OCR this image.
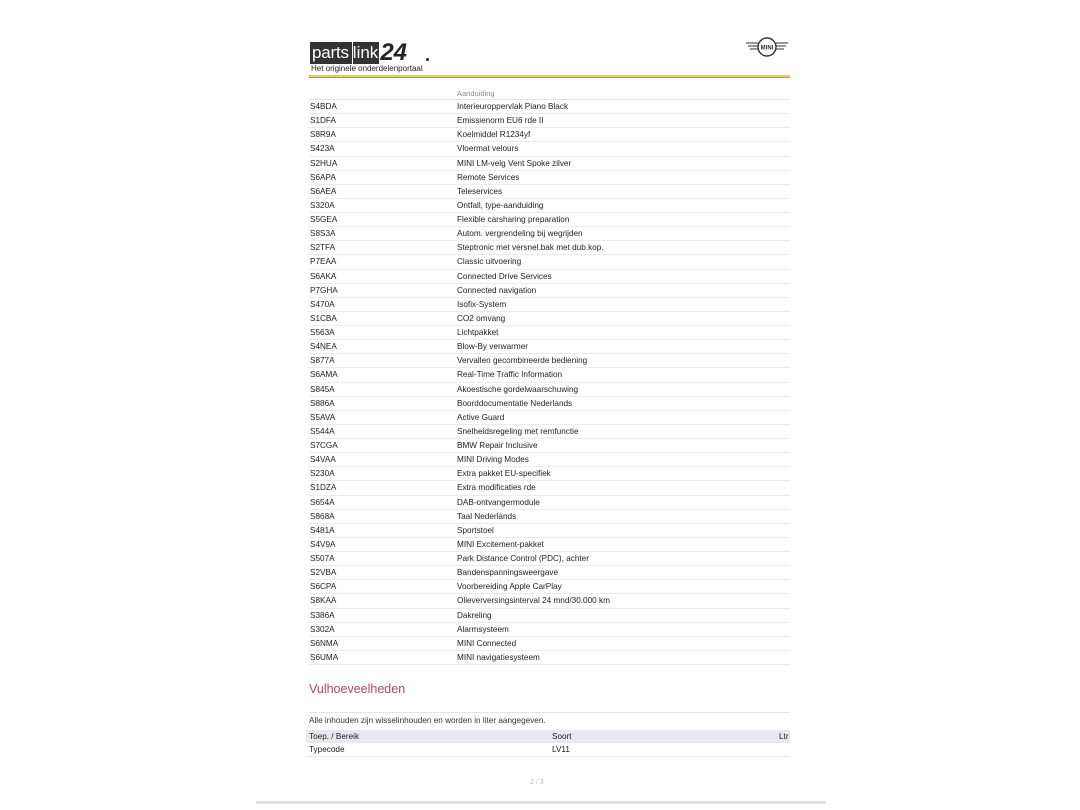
parts link 24
Het originele onderdelenportaal
MINI
Aanduiding
S4BDA	Interieuroppervlak Piano Black
S1DFA	Emissienorm EU6 rde II
S8R9A	Koelmiddel R1234yf
S423A	Vloermat velours
S2HUA	MINI LM-velg Vent Spoke zilver
S6APA	Remote Services
S6AEA	Teleservices
S320A	Ontfall, type-aanduiding
S5GEA	Flexible carsharing preparation
S8S3A	Autom. vergrendeling bij wegrijden
S2TFA	Steptronic met versnel.bak met dub.kop.
P7EAA	Classic uitvoering
S6AKA	Connected Drive Services
P7GHA	Connected navigation
S470A	Isofix-System
S1CBA	CO2 omvang
S563A	Lichtpakket
S4NEA	Blow-By verwarmer
S877A	Vervallen gecombineerde bediening
S6AMA	Real-Time Traffic Information
S845A	Akoestische gordelwaarschuwing
S886A	Boorddocumentatie Nederlands
S5AVA	Active Guard
S544A	Snelheidsregeling met remfunctie
S7CGA	BMW Repair Inclusive
S4VAA	MINI Driving Modes
S230A	Extra pakket EU-specifiek
S1DZA	Extra modificaties rde
S654A	DAB-ontvangermodule
S868A	Taal Nederlands
S481A	Sportstoel
S4V9A	MINI Excitement-pakket
S507A	Park Distance Control (PDC), achter
S2VBA	Bandenspanningsweergave
S6CPA	Voorbereiding Apple CarPlay
S8KAA	Olieverversingsinterval 24 mnd/30.000 km
S386A	Dakreling
S302A	Alarmsysteem
S6NMA	MINI Connected
S6UMA	MINI navigatiesysteem
Vulhoeveelheden
Alle inhouden zijn wisselinhouden en worden in liter aangegeven.
Toep. / Bereik	Soort	Ltr
Typecode	LV11
2 / 3
